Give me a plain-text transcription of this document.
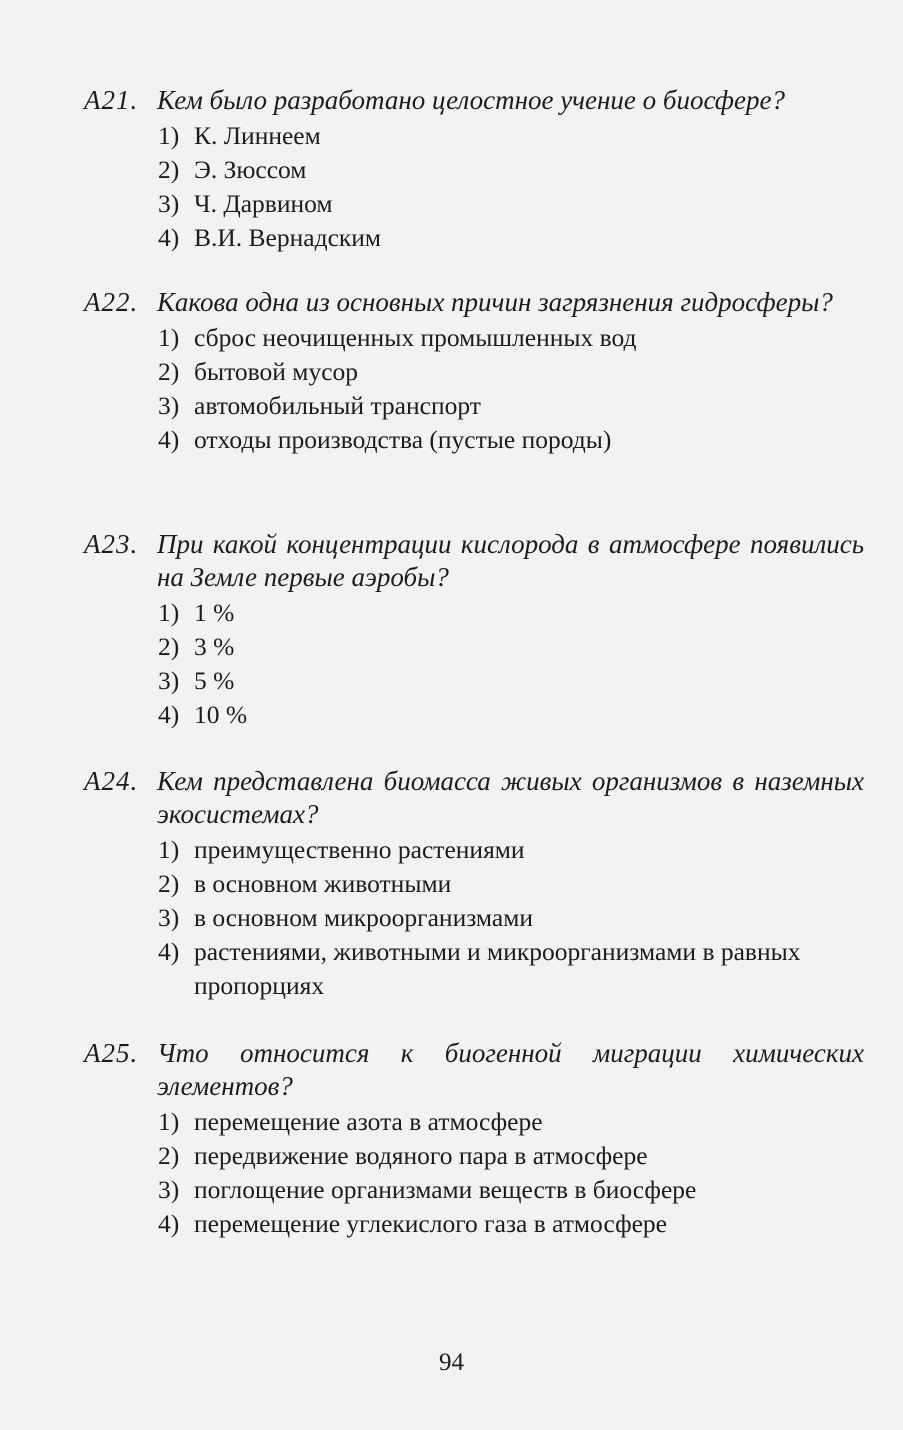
A21. Кем было разработано целостное учение о биосфере?
1) К. Линнеем
2) Э. Зюссом
3) Ч. Дарвином
4) В.И. Вернадским
A22. Какова одна из основных причин загрязнения гидросферы?
1) сброс неочищенных промышленных вод
2) бытовой мусор
3) автомобильный транспорт
4) отходы производства (пустые породы)
A23. При какой концентрации кислорода в атмосфере появились на Земле первые аэробы?
1) 1 %
2) 3 %
3) 5 %
4) 10 %
A24. Кем представлена биомасса живых организмов в наземных экосистемах?
1) преимущественно растениями
2) в основном животными
3) в основном микроорганизмами
4) растениями, животными и микроорганизмами в равных пропорциях
A25. Что относится к биогенной миграции химических элементов?
1) перемещение азота в атмосфере
2) передвижение водяного пара в атмосфере
3) поглощение организмами веществ в биосфере
4) перемещение углекислого газа в атмосфере
94
